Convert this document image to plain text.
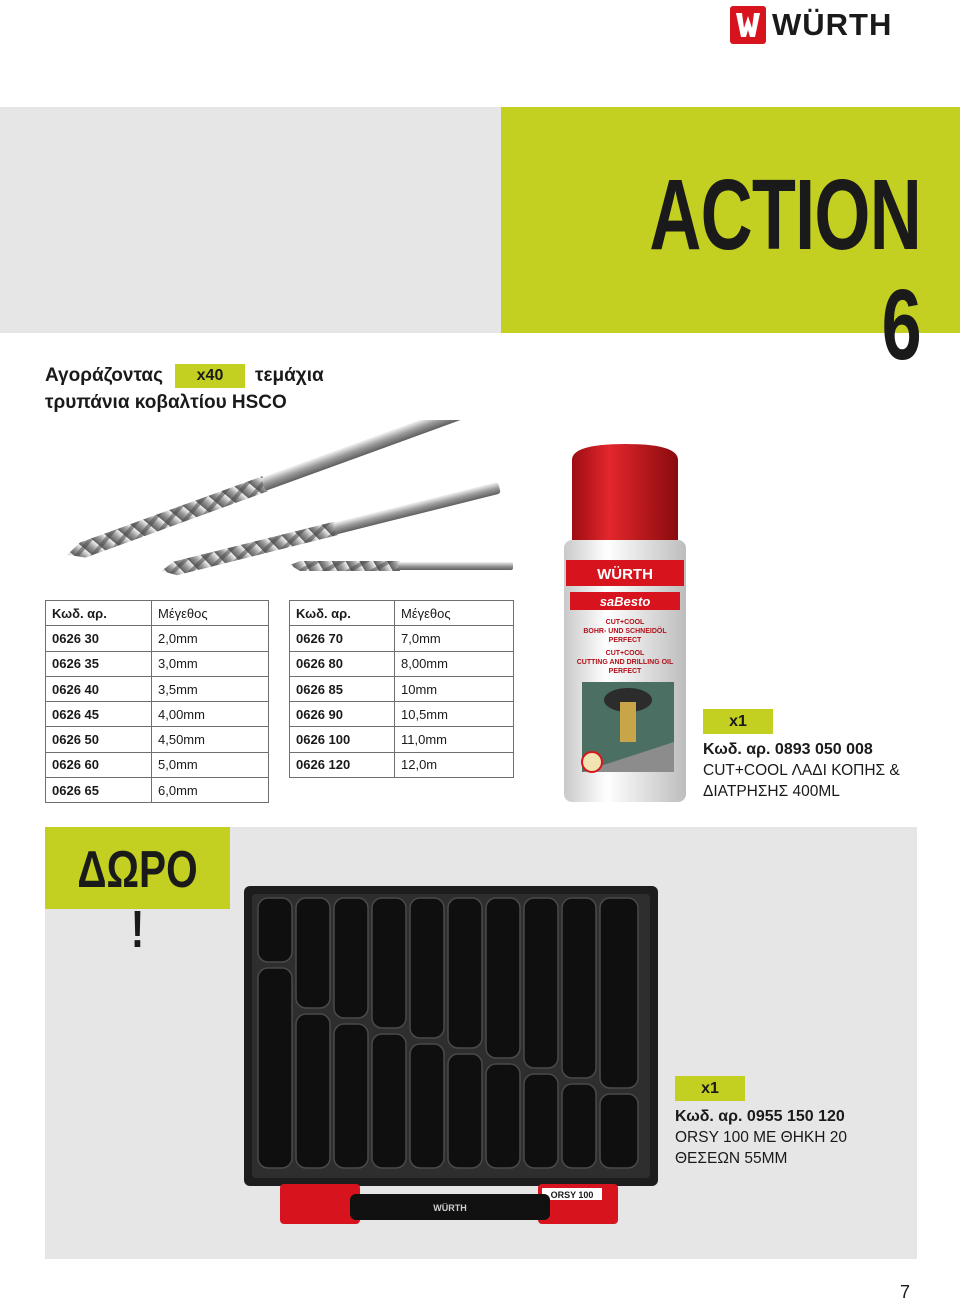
WÜRTH
ACTION 6
Αγοράζοντας x40 τεμάχια
τρυπάνια κοβαλτίου HSCO
Κωδ. αρ.	Μέγεθος
0626 30	2,0mm
0626 35	3,0mm
0626 40	3,5mm
0626 45	4,00mm
0626 50	4,50mm
0626 60	5,0mm
0626 65	6,0mm
Κωδ. αρ.	Μέγεθος
0626 70	7,0mm
0626 80	8,00mm
0626 85	10mm
0626 90	10,5mm
0626 100	11,0mm
0626 120	12,0m
WÜRTH
saBesto
CUT+COOL
BOHR- UND SCHNEIDÖL
PERFECT
CUT+COOL
CUTTING AND DRILLING OIL
PERFECT
x1
Κωδ. αρ. 0893 050 008
CUT+COOL ΛΑΔΙ ΚΟΠΗΣ &
ΔΙΑΤΡΗΣΗΣ 400ML
ΔΩΡΟ !
ORSY 100
WÜRTH
x1
Κωδ. αρ. 0955 150 120
ORSY 100 ΜΕ ΘΗΚΗ 20
ΘΕΣΕΩΝ 55MM
7
